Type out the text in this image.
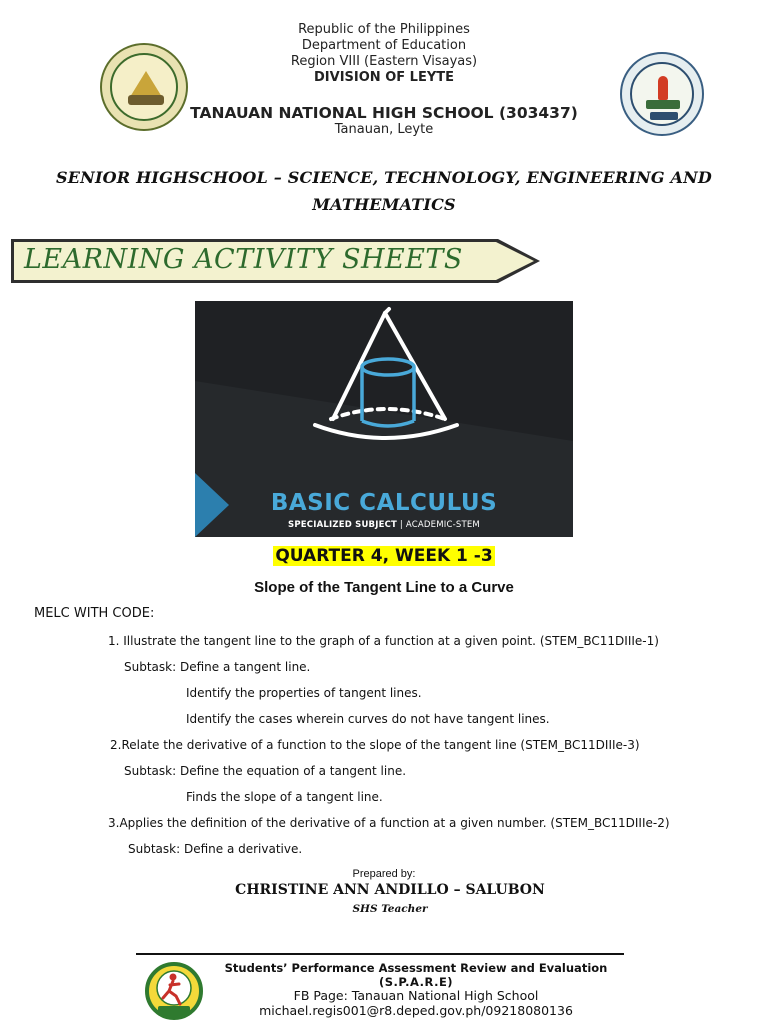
Republic of the Philippines
Department of Education
Region VIII (Eastern Visayas)
DIVISION OF LEYTE
TANAUAN NATIONAL HIGH SCHOOL (303437)
Tanauan, Leyte
SENIOR HIGHSCHOOL – SCIENCE, TECHNOLOGY, ENGINEERING AND
MATHEMATICS
LEARNING ACTIVITY SHEETS
BASIC CALCULUS
SPECIALIZED SUBJECT | ACADEMIC-STEM
QUARTER 4, WEEK 1 -3
Slope of the Tangent Line to a Curve
MELC WITH CODE:
1. Illustrate the tangent line to the graph of a function at a given point. (STEM_BC11DIIIe-1)
Subtask: Define a tangent line.
Identify the properties of tangent lines.
Identify the cases wherein curves do not have tangent lines.
2.Relate the derivative of a function to the slope of the tangent line (STEM_BC11DIIIe-3)
Subtask: Define the equation of a tangent line.
Finds the slope of a tangent line.
3.Applies the definition of the derivative of a function at a given number. (STEM_BC11DIIIe-2)
Subtask: Define a derivative.
Prepared by:
CHRISTINE ANN ANDILLO – SALUBON
SHS Teacher
Students’ Performance Assessment Review and Evaluation
(S.P.A.R.E)
FB Page: Tanauan National High School
michael.regis001@r8.deped.gov.ph/09218080136
